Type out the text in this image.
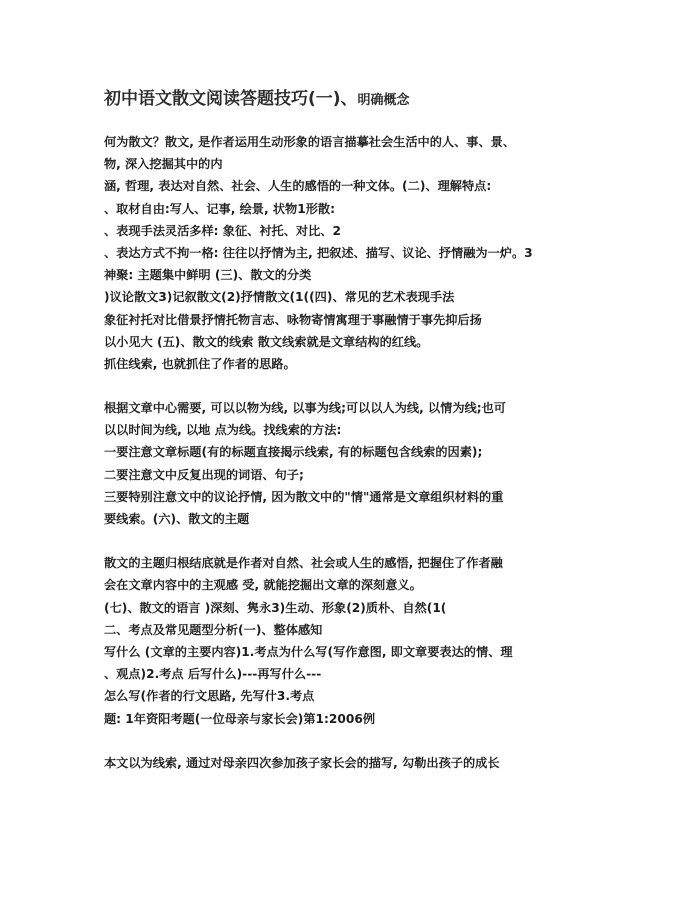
初中语文散文阅读答题技巧(一)、明确概念
何为散文？散文, 是作者运用生动形象的语言描摹社会生活中的人、事、景、
物, 深入挖掘其中的内
涵, 哲理, 表达对自然、社会、人生的感悟的一种文体。(二)、理解特点:
、取材自由:写人、记事, 绘景, 状物1形散:
、表现手法灵活多样: 象征、衬托、对比、2
、表达方式不拘一格: 往往以抒情为主, 把叙述、描写、议论、抒情融为一炉。3
神聚: 主题集中鲜明 (三)、散文的分类
)议论散文3)记叙散文(2)抒情散文(1((四)、常见的艺术表现手法
象征衬托对比借景抒情托物言志、咏物寄情寓理于事融情于事先抑后扬
以小见大 (五)、散文的线索 散文线索就是文章结构的红线。
抓住线索, 也就抓住了作者的思路。
根据文章中心需要, 可以以物为线, 以事为线;可以以人为线, 以情为线;也可
以以时间为线, 以地 点为线。找线索的方法:
一要注意文章标题(有的标题直接揭示线索, 有的标题包含线索的因素);
二要注意文中反复出现的词语、句子;
三要特别注意文中的议论抒情, 因为散文中的"情"通常是文章组织材料的重
要线索。(六)、散文的主题
散文的主题归根结底就是作者对自然、社会或人生的感悟, 把握住了作者融
会在文章内容中的主观感 受, 就能挖掘出文章的深刻意义。
(七)、散文的语言 )深刻、隽永3)生动、形象(2)质朴、自然(1(
二、考点及常见题型分析(一)、整体感知
写什么 (文章的主要内容)1.考点为什么写(写作意图, 即文章要表达的情、理
、观点)2.考点 后写什么)---再写什么---
怎么写(作者的行文思路, 先写什3.考点
题: 1年资阳考题(一位母亲与家长会)第1:2006例
本文以为线索, 通过对母亲四次参加孩子家长会的描写, 勾勒出孩子的成长
